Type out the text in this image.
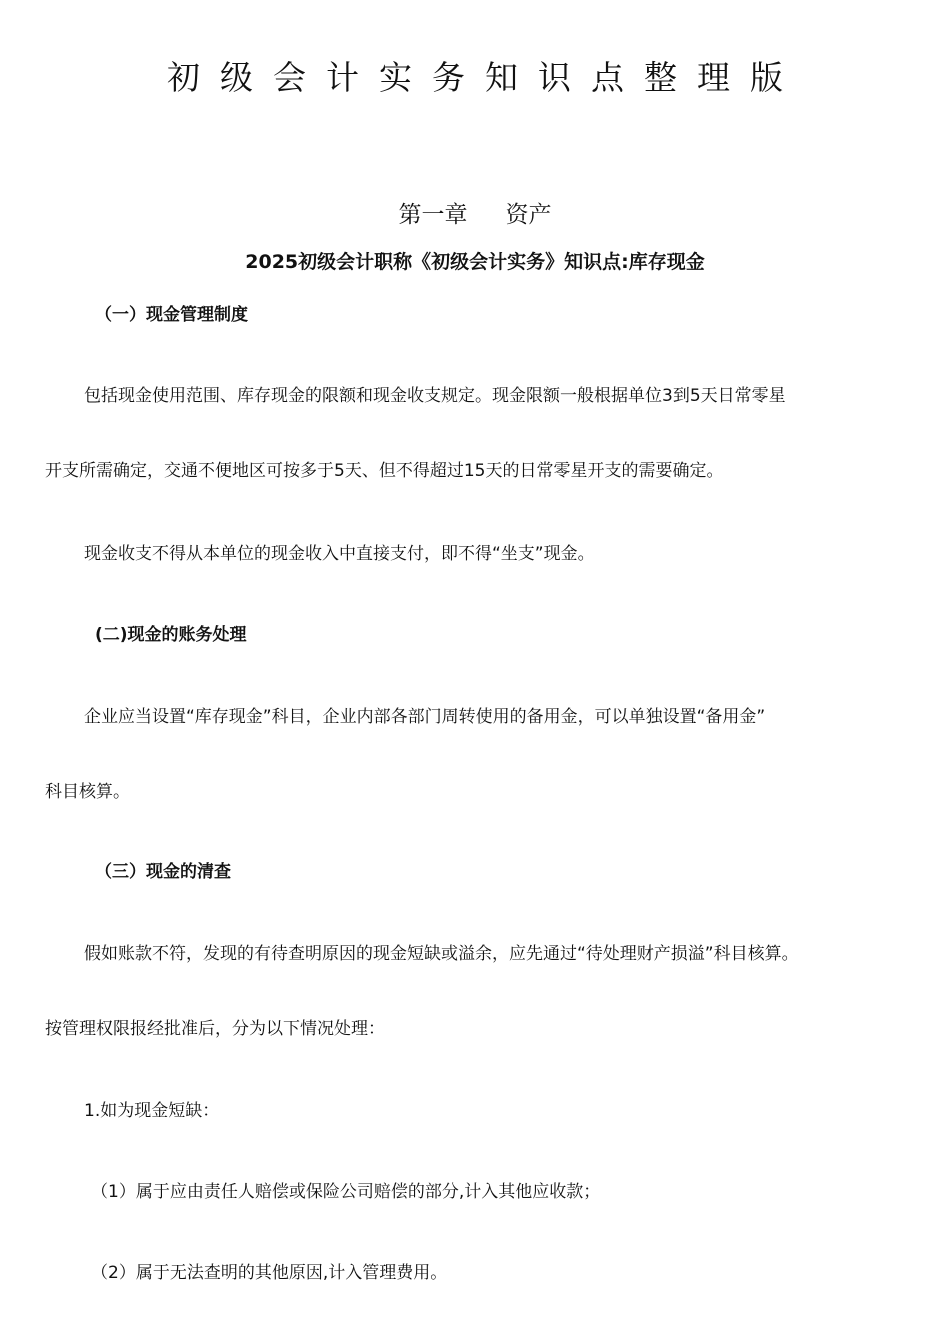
初级会计实务知识点整理版
第一章 资产
2025初级会计职称《初级会计实务》知识点:库存现金
（一）现金管理制度
包括现金使用范围、库存现金的限额和现金收支规定。现金限额一般根据单位3到5天日常零星
开支所需确定，交通不便地区可按多于5天、但不得超过15天的日常零星开支的需要确定。
现金收支不得从本单位的现金收入中直接支付，即不得“坐支”现金。
(二)现金的账务处理
企业应当设置“库存现金”科目，企业内部各部门周转使用的备用金，可以单独设置“备用金”
科目核算。
（三）现金的清查
假如账款不符，发现的有待查明原因的现金短缺或溢余，应先通过“待处理财产损溢”科目核算。
按管理权限报经批准后，分为以下情况处理：
1.如为现金短缺：
（1）属于应由责任人赔偿或保险公司赔偿的部分,计入其他应收款；
（2）属于无法查明的其他原因,计入管理费用。
